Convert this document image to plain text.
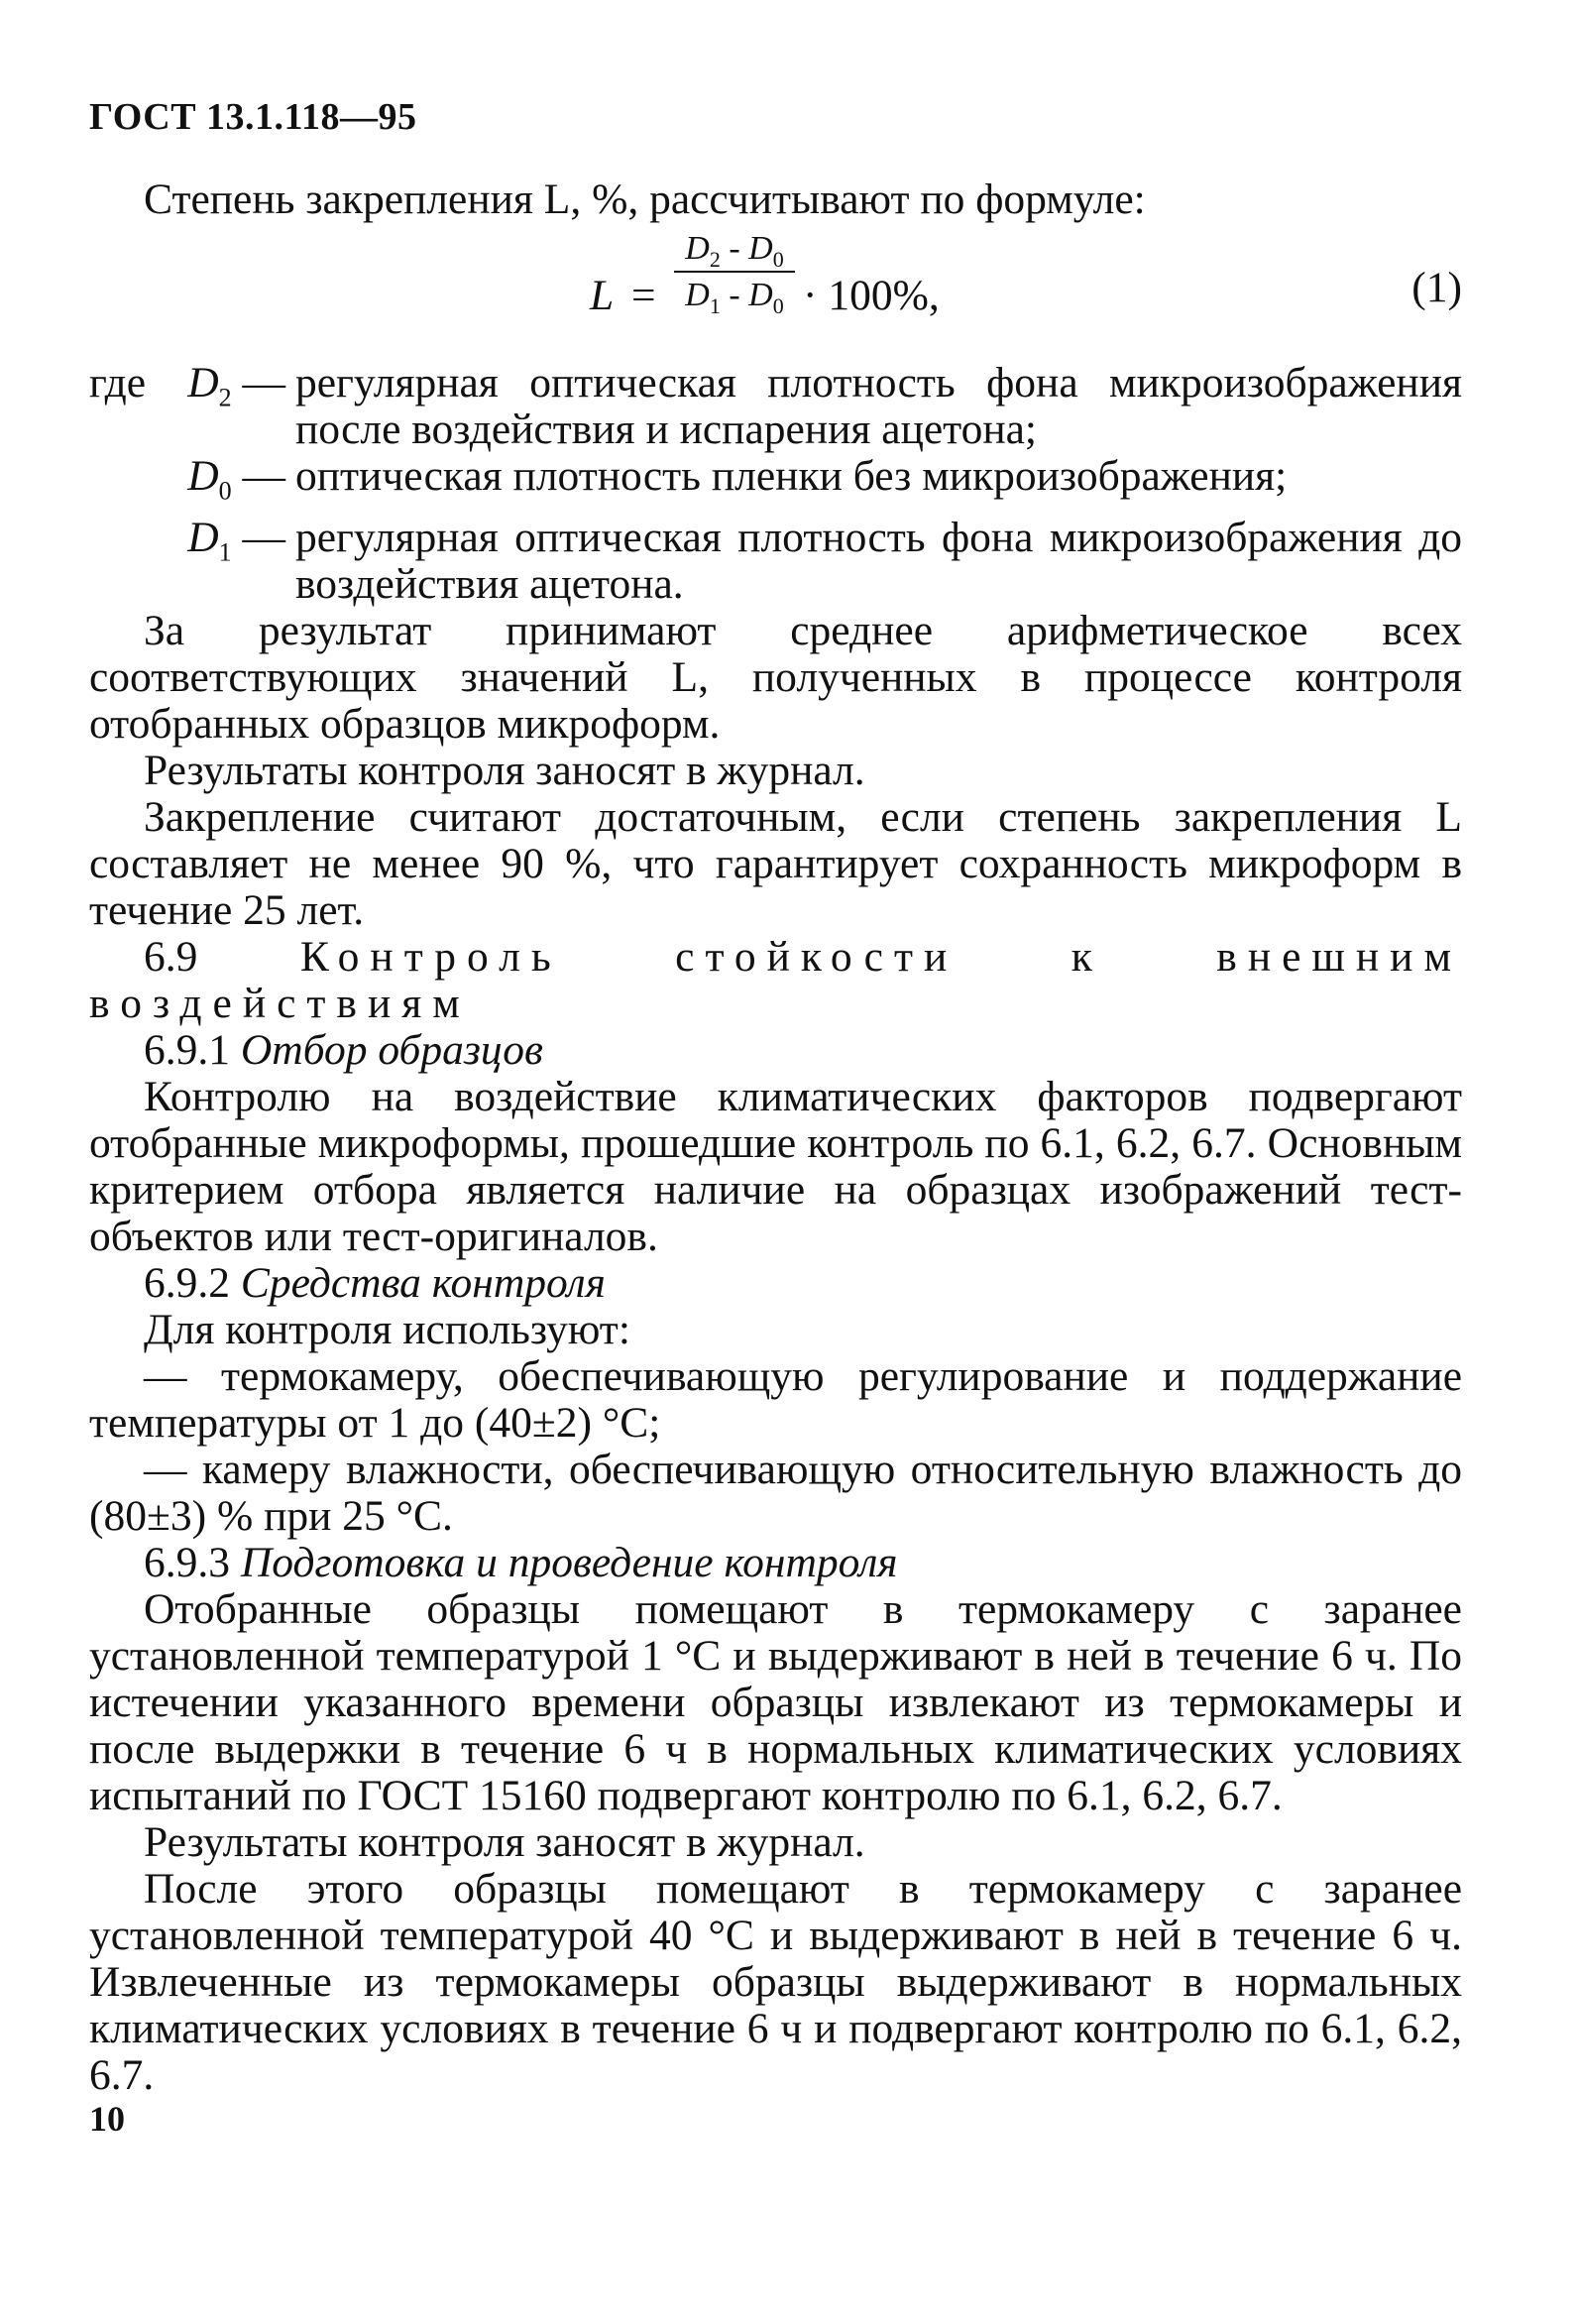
ГОСТ 13.1.118—95

Степень закрепления L, %, рассчитывают по формуле:

L =
$D_2 - D_0$
$D_1 - D_0 \cdot 100\%$,	(1)
где $D_2$ — регулярная оптическая плотность фона микроизображения после воздействия и испарения ацетона;
$D_0$ — оптическая плотность пленки без микроизображения;
$D_1$ — регулярная оптическая плотность фона микроизображения до воздействия ацетона.

За результат принимают среднее арифметическое всех соответствующих значений L, полученных в процессе контроля отобранных образцов микроформ.

Результаты контроля заносят в журнал.

Закрепление считают достаточным, если степень закрепления L составляет не менее 90 %, что гарантирует сохранность микроформ в течение 25 лет.

6.9 Контроль стойкости к внешним воздействиям

6.9.1 Отбор образцов

Контролю на воздействие климатических факторов подвергают отобранные микроформы, прошедшие контроль по 6.1, 6.2, 6.7. Основным критерием отбора является наличие на образцах изображений тест-объектов или тест-оригиналов.

6.9.2 Средства контроля

Для контроля используют:

— термокамеру, обеспечивающую регулирование и поддержание температуры от 1 до (40±2) °С;

— камеру влажности, обеспечивающую относительную влажность до (80±3) % при 25 °С.

6.9.3 Подготовка и проведение контроля

Отобранные образцы помещают в термокамеру с заранее установленной температурой 1 °С и выдерживают в ней в течение 6 ч. По истечении указанного времени образцы извлекают из термокамеры и после выдержки в течение 6 ч в нормальных климатических условиях испытаний по ГОСТ 15160 подвергают контролю по 6.1, 6.2, 6.7.

Результаты контроля заносят в журнал.

После этого образцы помещают в термокамеру с заранее установленной температурой 40 °С и выдерживают в ней в течение 6 ч. Извлеченные из термокамеры образцы выдерживают в нормальных климатических условиях в течение 6 ч и подвергают контролю по 6.1, 6.2, 6.7.

10
